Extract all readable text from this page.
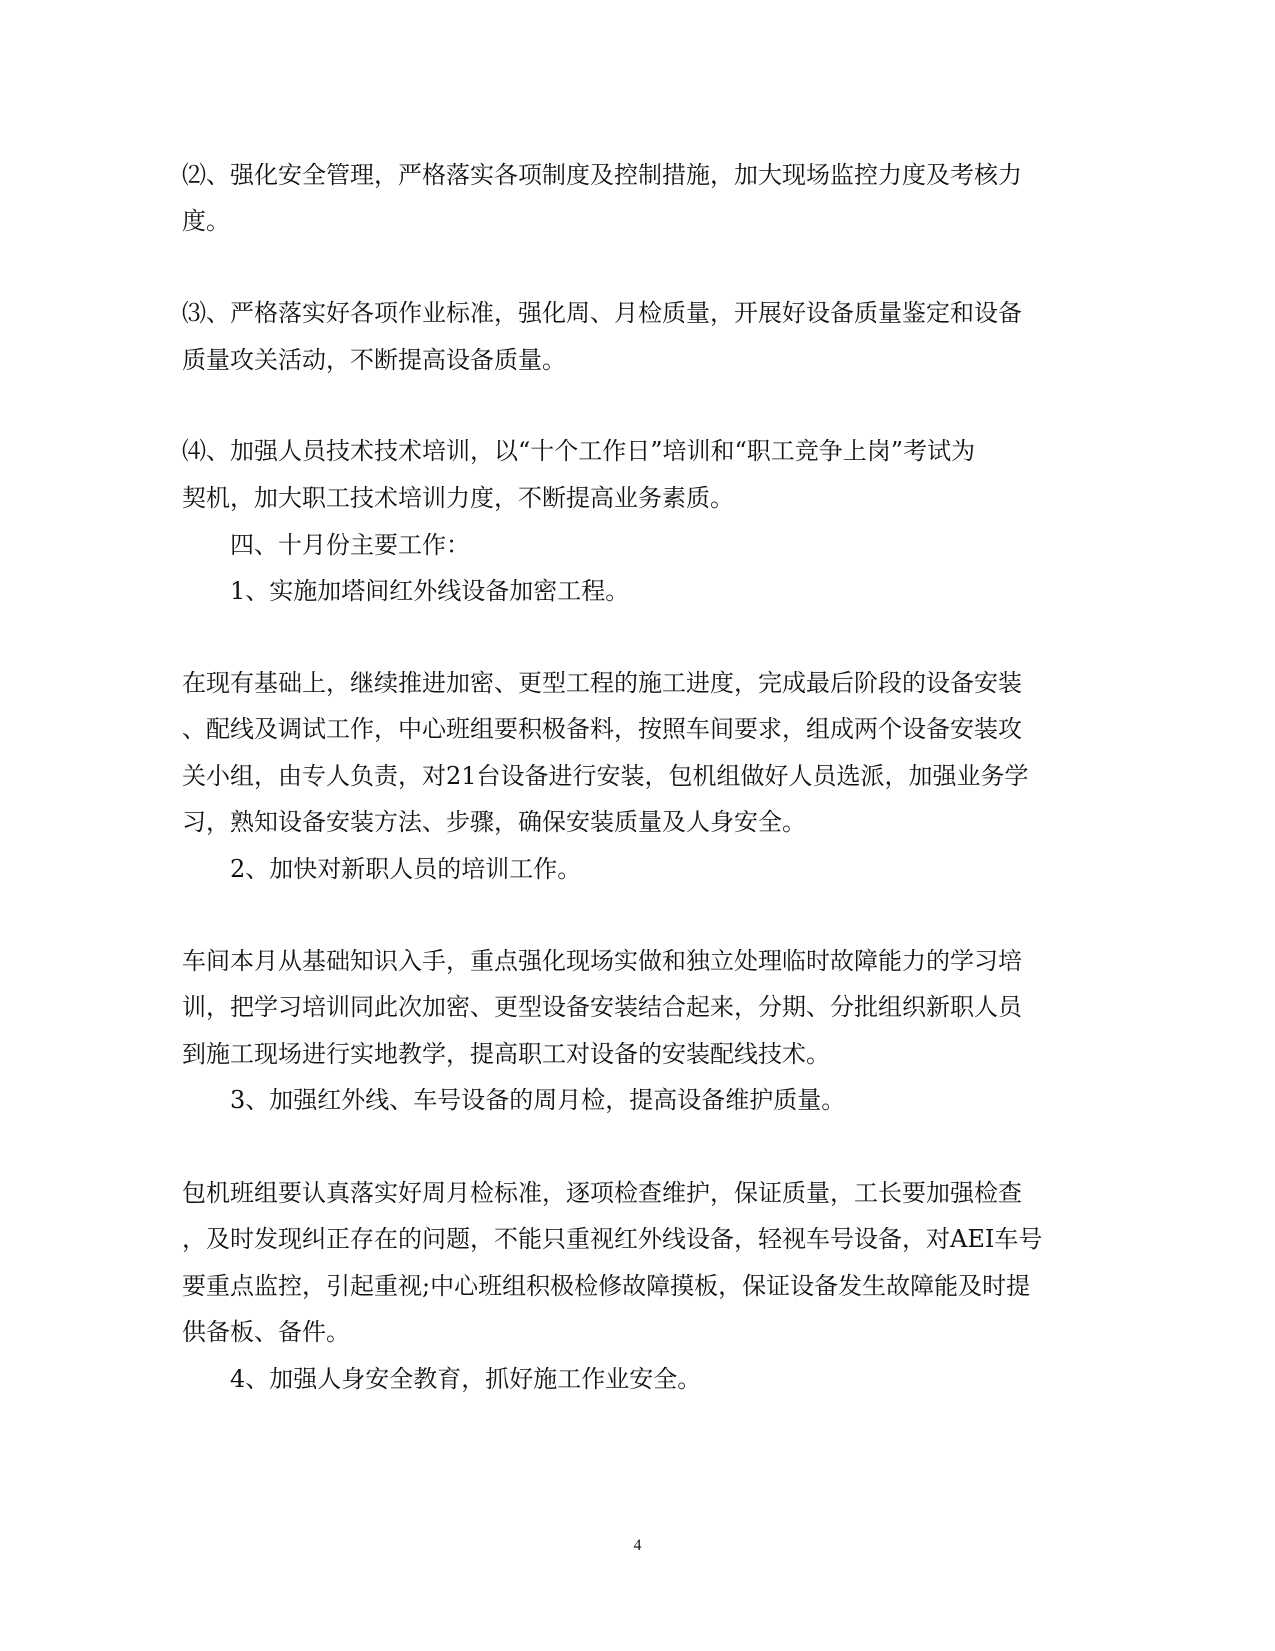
⑵、强化安全管理，严格落实各项制度及控制措施，加大现场监控力度及考核力
度。
⑶、严格落实好各项作业标准，强化周、月检质量，开展好设备质量鉴定和设备
质量攻关活动，不断提高设备质量。
⑷、加强人员技术技术培训，以“十个工作日”培训和“职工竞争上岗”考试为
契机，加大职工技术培训力度，不断提高业务素质。
四、十月份主要工作：
1、实施加塔间红外线设备加密工程。
在现有基础上，继续推进加密、更型工程的施工进度，完成最后阶段的设备安装
、配线及调试工作，中心班组要积极备料，按照车间要求，组成两个设备安装攻
关小组，由专人负责，对21台设备进行安装，包机组做好人员选派，加强业务学
习，熟知设备安装方法、步骤，确保安装质量及人身安全。
2、加快对新职人员的培训工作。
车间本月从基础知识入手，重点强化现场实做和独立处理临时故障能力的学习培
训，把学习培训同此次加密、更型设备安装结合起来，分期、分批组织新职人员
到施工现场进行实地教学，提高职工对设备的安装配线技术。
3、加强红外线、车号设备的周月检，提高设备维护质量。
包机班组要认真落实好周月检标准，逐项检查维护，保证质量，工长要加强检查
，及时发现纠正存在的问题，不能只重视红外线设备，轻视车号设备，对AEI车号
要重点监控，引起重视;中心班组积极检修故障摸板，保证设备发生故障能及时提
供备板、备件。
4、加强人身安全教育，抓好施工作业安全。
4
